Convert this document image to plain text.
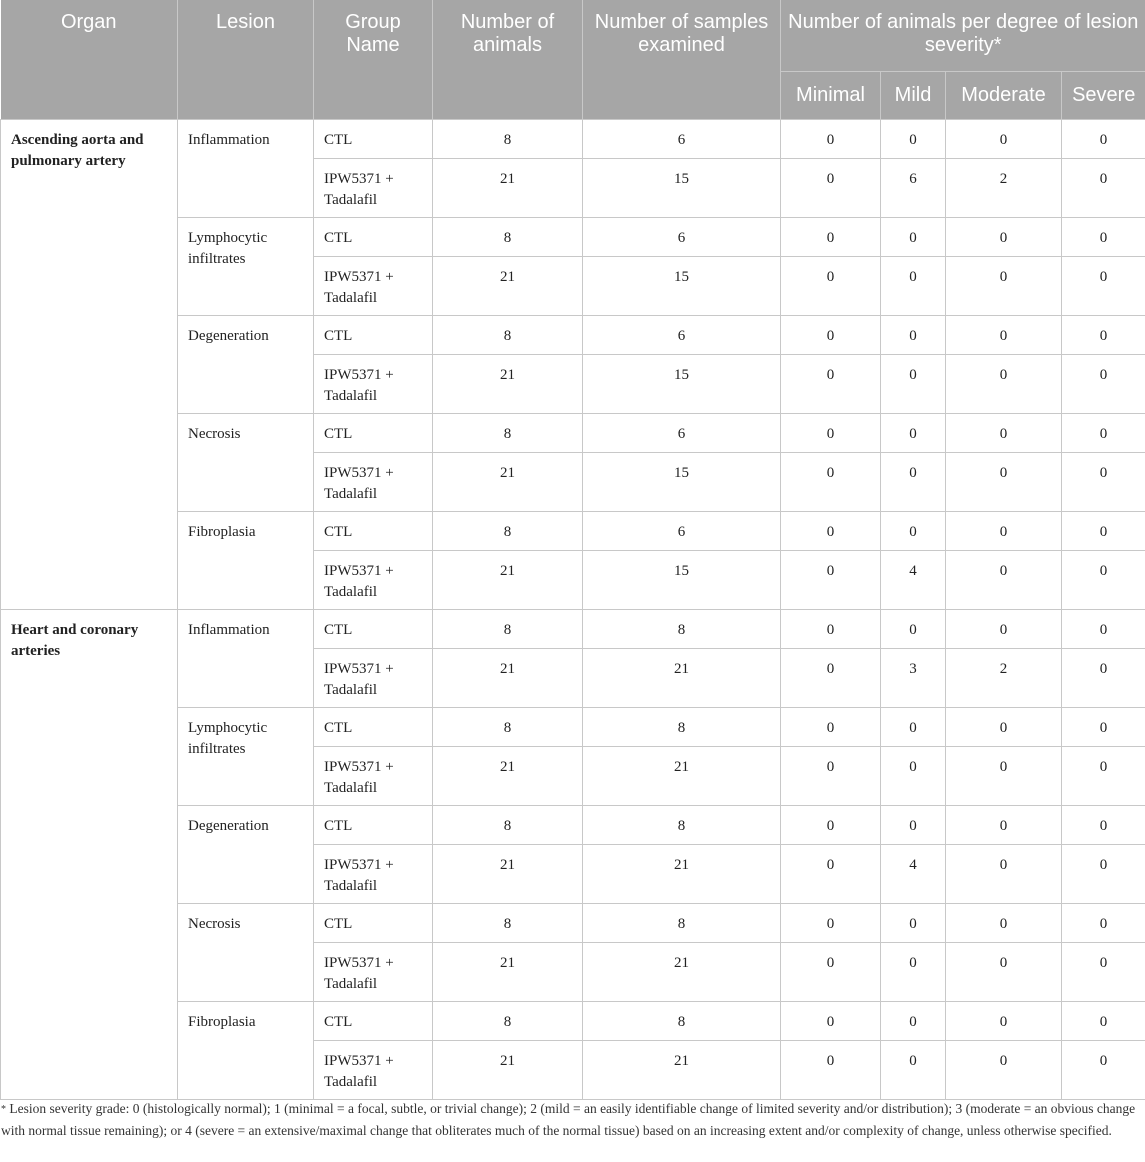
Organ	Lesion	Group Name	Number of animals	Number of samples examined	Number of animals per degree of lesion severity*			
					Minimal	Mild	Moderate	Severe
Ascending aorta and pulmonary artery	Inflammation	CTL	8	6	0	0	0	0
		IPW5371 + Tadalafil	21	15	0	6	2	0
	Lymphocytic infiltrates	CTL	8	6	0	0	0	0
		IPW5371 + Tadalafil	21	15	0	0	0	0
	Degeneration	CTL	8	6	0	0	0	0
		IPW5371 + Tadalafil	21	15	0	0	0	0
	Necrosis	CTL	8	6	0	0	0	0
		IPW5371 + Tadalafil	21	15	0	0	0	0
	Fibroplasia	CTL	8	6	0	0	0	0
		IPW5371 + Tadalafil	21	15	0	4	0	0
Heart and coronary arteries	Inflammation	CTL	8	8	0	0	0	0
		IPW5371 + Tadalafil	21	21	0	3	2	0
	Lymphocytic infiltrates	CTL	8	8	0	0	0	0
		IPW5371 + Tadalafil	21	21	0	0	0	0
	Degeneration	CTL	8	8	0	0	0	0
		IPW5371 + Tadalafil	21	21	0	4	0	0
	Necrosis	CTL	8	8	0	0	0	0
		IPW5371 + Tadalafil	21	21	0	0	0	0
	Fibroplasia	CTL	8	8	0	0	0	0
		IPW5371 + Tadalafil	21	21	0	0	0	0
* Lesion severity grade: 0 (histologically normal); 1 (minimal = a focal, subtle, or trivial change); 2 (mild = an easily identifiable change of limited severity and/or distribution); 3 (moderate = an obvious change with normal tissue remaining); or 4 (severe = an extensive/maximal change that obliterates much of the normal tissue) based on an increasing extent and/or complexity of change, unless otherwise specified.
